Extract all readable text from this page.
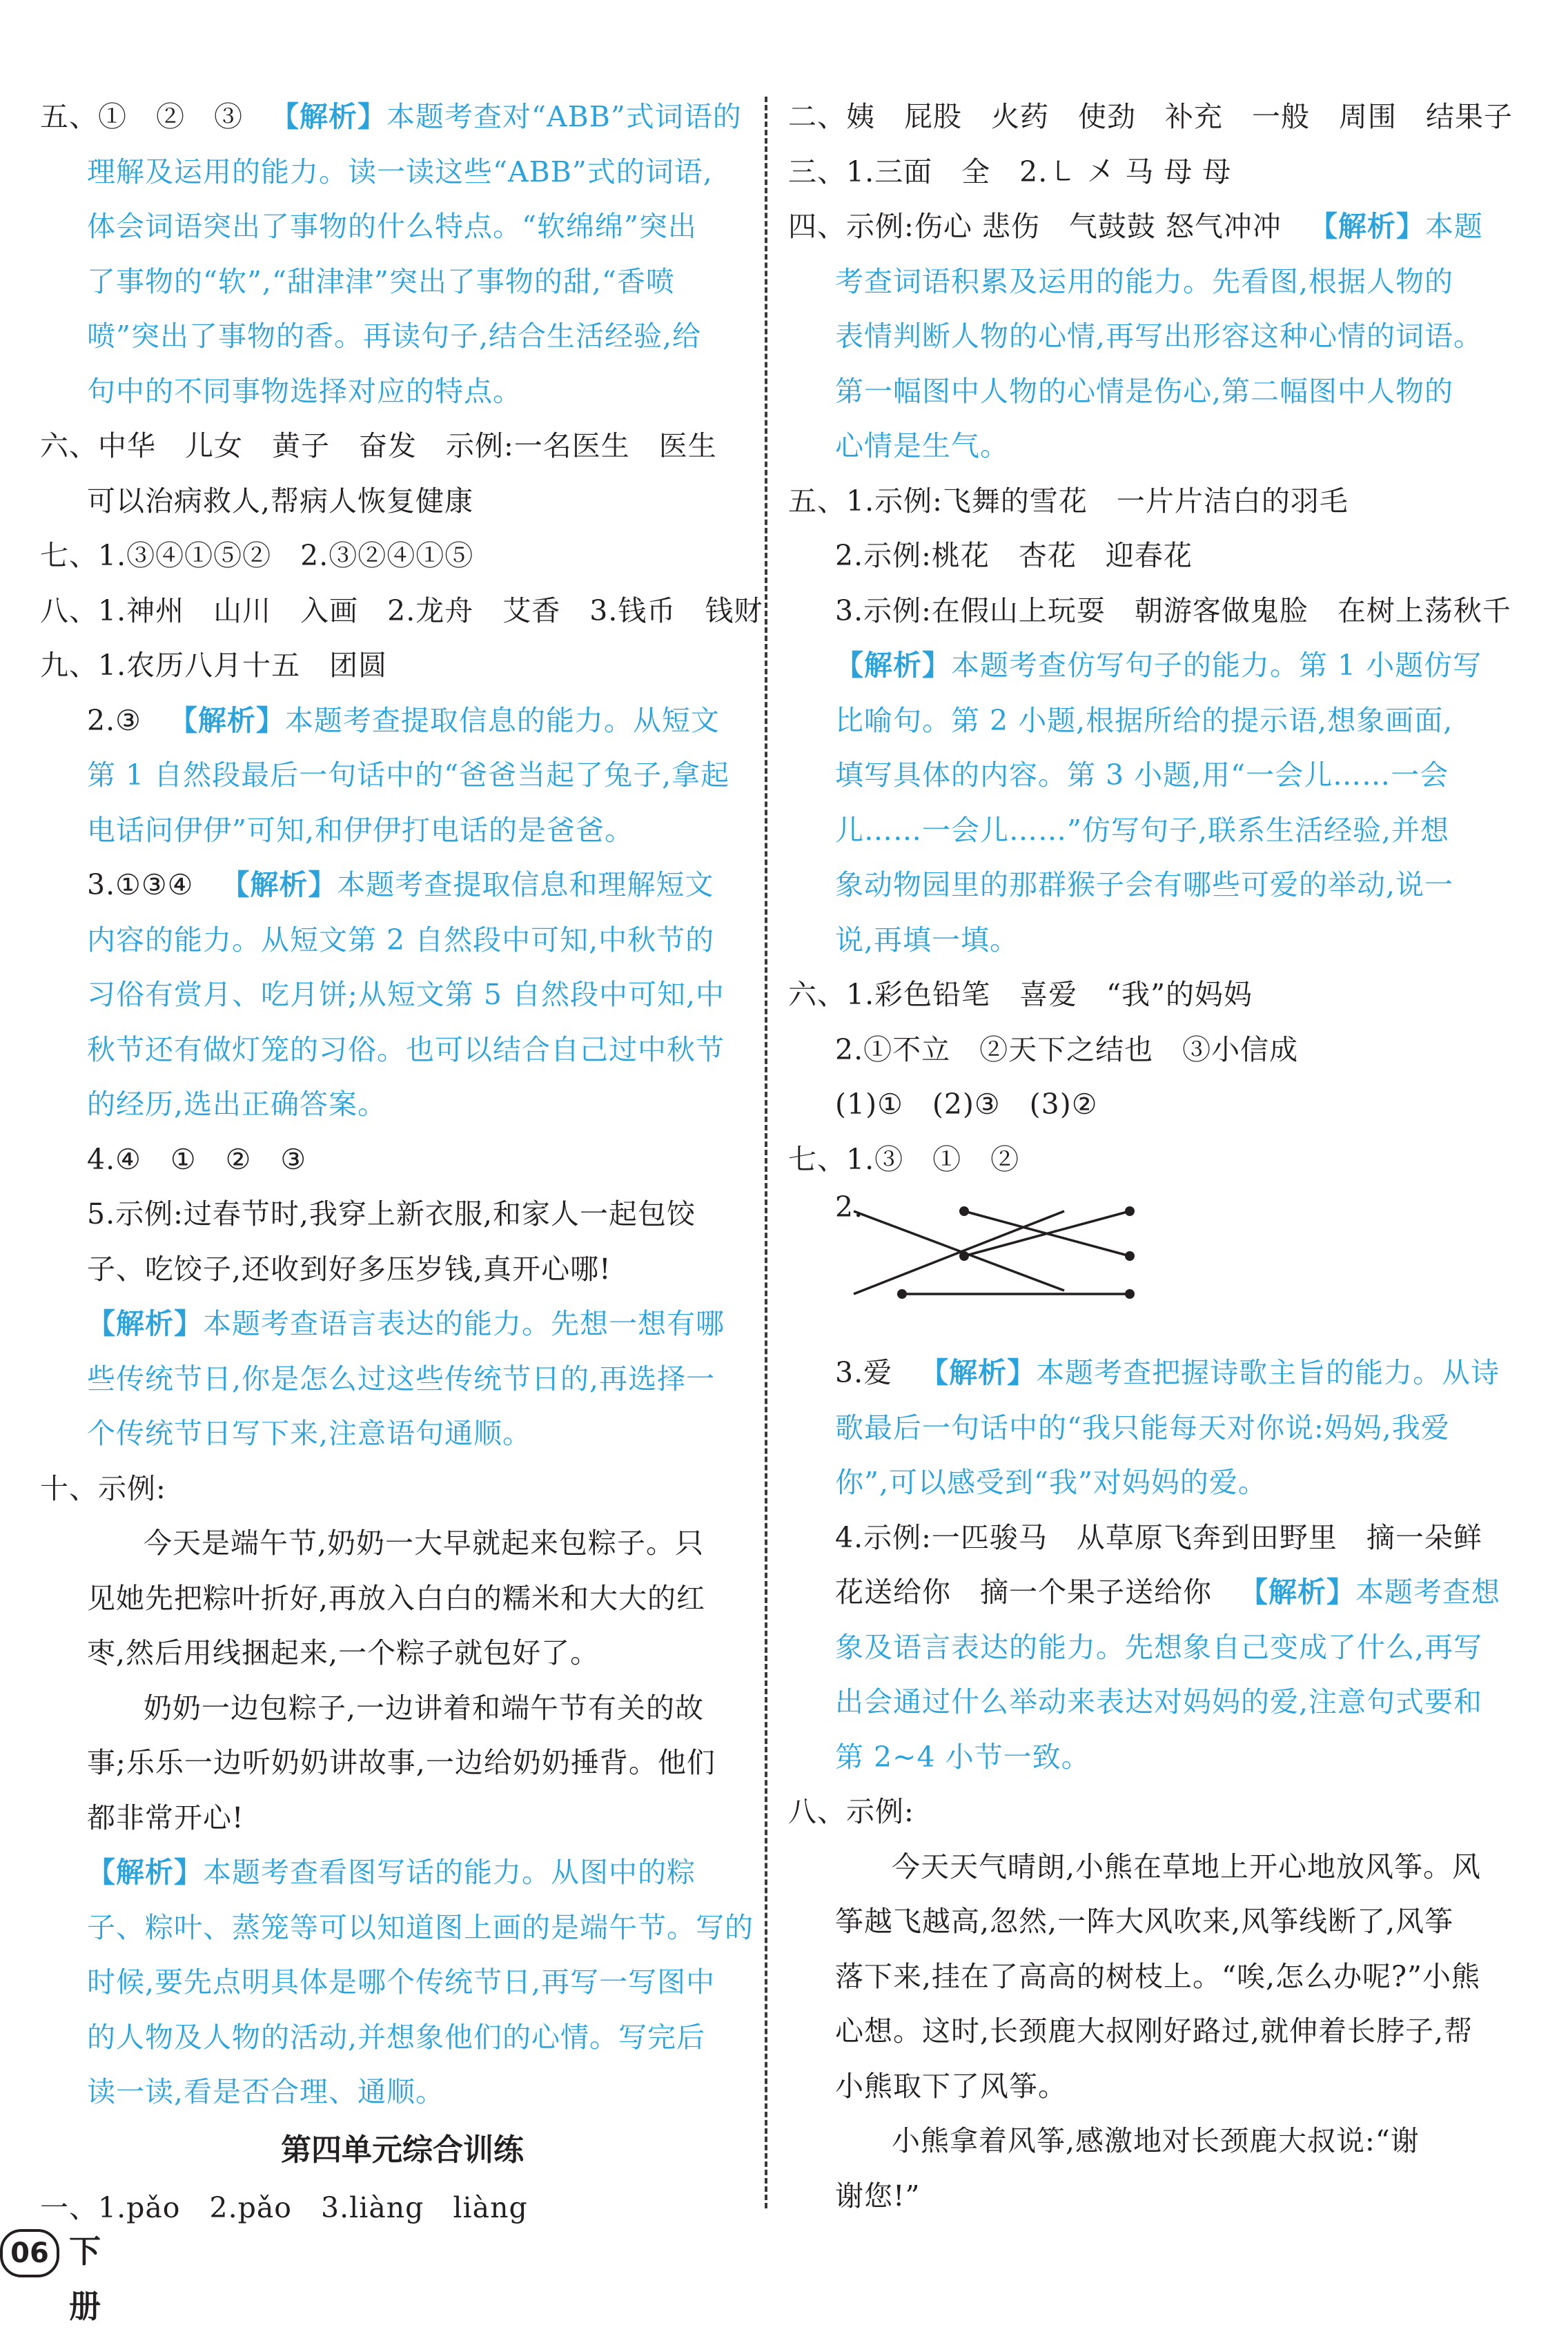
五、①　②　③ 【解析】本题考查对“ABB”式词语的
理解及运用的能力。读一读这些“ABB”式的词语,
体会词语突出了事物的什么特点。“软绵绵”突出
了事物的“软”,“甜津津”突出了事物的甜,“香喷
喷”突出了事物的香。再读句子,结合生活经验,给
句中的不同事物选择对应的特点。
六、中华　儿女　黄子　奋发　示例:一名医生　医生
可以治病救人,帮病人恢复健康
七、1.③④①⑤②　2.③②④①⑤
八、1.神州　山川　入画　2.龙舟　艾香　3.钱币　钱财
九、1.农历八月十五　团圆
2.③ 【解析】本题考查提取信息的能力。从短文
第 1 自然段最后一句话中的“爸爸当起了兔子,拿起
电话问伊伊”可知,和伊伊打电话的是爸爸。
3.①③④ 【解析】本题考查提取信息和理解短文
内容的能力。从短文第 2 自然段中可知,中秋节的
习俗有赏月、吃月饼;从短文第 5 自然段中可知,中
秋节还有做灯笼的习俗。也可以结合自己过中秋节
的经历,选出正确答案。
4.④　①　②　③
5.示例:过春节时,我穿上新衣服,和家人一起包饺
子、吃饺子,还收到好多压岁钱,真开心哪!
【解析】本题考查语言表达的能力。先想一想有哪
些传统节日,你是怎么过这些传统节日的,再选择一
个传统节日写下来,注意语句通顺。
十、示例:
今天是端午节,奶奶一大早就起来包粽子。只
见她先把粽叶折好,再放入白白的糯米和大大的红
枣,然后用线捆起来,一个粽子就包好了。
奶奶一边包粽子,一边讲着和端午节有关的故
事;乐乐一边听奶奶讲故事,一边给奶奶捶背。他们
都非常开心!
【解析】本题考查看图写话的能力。从图中的粽
子、粽叶、蒸笼等可以知道图上画的是端午节。写的
时候,要先点明具体是哪个传统节日,再写一写图中
的人物及人物的活动,并想象他们的心情。写完后
读一读,看是否合理、通顺。
第四单元综合训练
一、1.pǎo　2.pǎo　3.liàng　liàng
二、姨　屁股　火药　使劲　补充　一般　周围　结果子
三、1.三面　全　2.㇄ 㐅 马 母 母
四、示例:伤心 悲伤　气鼓鼓 怒气冲冲 【解析】本题
考查词语积累及运用的能力。先看图,根据人物的
表情判断人物的心情,再写出形容这种心情的词语。
第一幅图中人物的心情是伤心,第二幅图中人物的
心情是生气。
五、1.示例:飞舞的雪花　一片片洁白的羽毛
2.示例:桃花　杏花　迎春花
3.示例:在假山上玩耍　朝游客做鬼脸　在树上荡秋千
【解析】本题考查仿写句子的能力。第 1 小题仿写
比喻句。第 2 小题,根据所给的提示语,想象画面,
填写具体的内容。第 3 小题,用“一会儿……一会
儿……一会儿……”仿写句子,联系生活经验,并想
象动物园里的那群猴子会有哪些可爱的举动,说一
说,再填一填。
六、1.彩色铅笔　喜爱　“我”的妈妈
2.①不立　②天下之结也　③小信成
(1)①　(2)③　(3)②
七、1.③　①　②
2.
3.爱 【解析】本题考查把握诗歌主旨的能力。从诗
歌最后一句话中的“我只能每天对你说:妈妈,我爱
你”,可以感受到“我”对妈妈的爱。
4.示例:一匹骏马　从草原飞奔到田野里　摘一朵鲜
花送给你　摘一个果子送给你 【解析】本题考查想
象及语言表达的能力。先想象自己变成了什么,再写
出会通过什么举动来表达对妈妈的爱,注意句式要和
第 2~4 小节一致。
八、示例:
今天天气晴朗,小熊在草地上开心地放风筝。风
筝越飞越高,忽然,一阵大风吹来,风筝线断了,风筝
落下来,挂在了高高的树枝上。“唉,怎么办呢?”小熊
心想。这时,长颈鹿大叔刚好路过,就伸着长脖子,帮
小熊取下了风筝。
小熊拿着风筝,感激地对长颈鹿大叔说:“谢
谢您!”
06 下册
